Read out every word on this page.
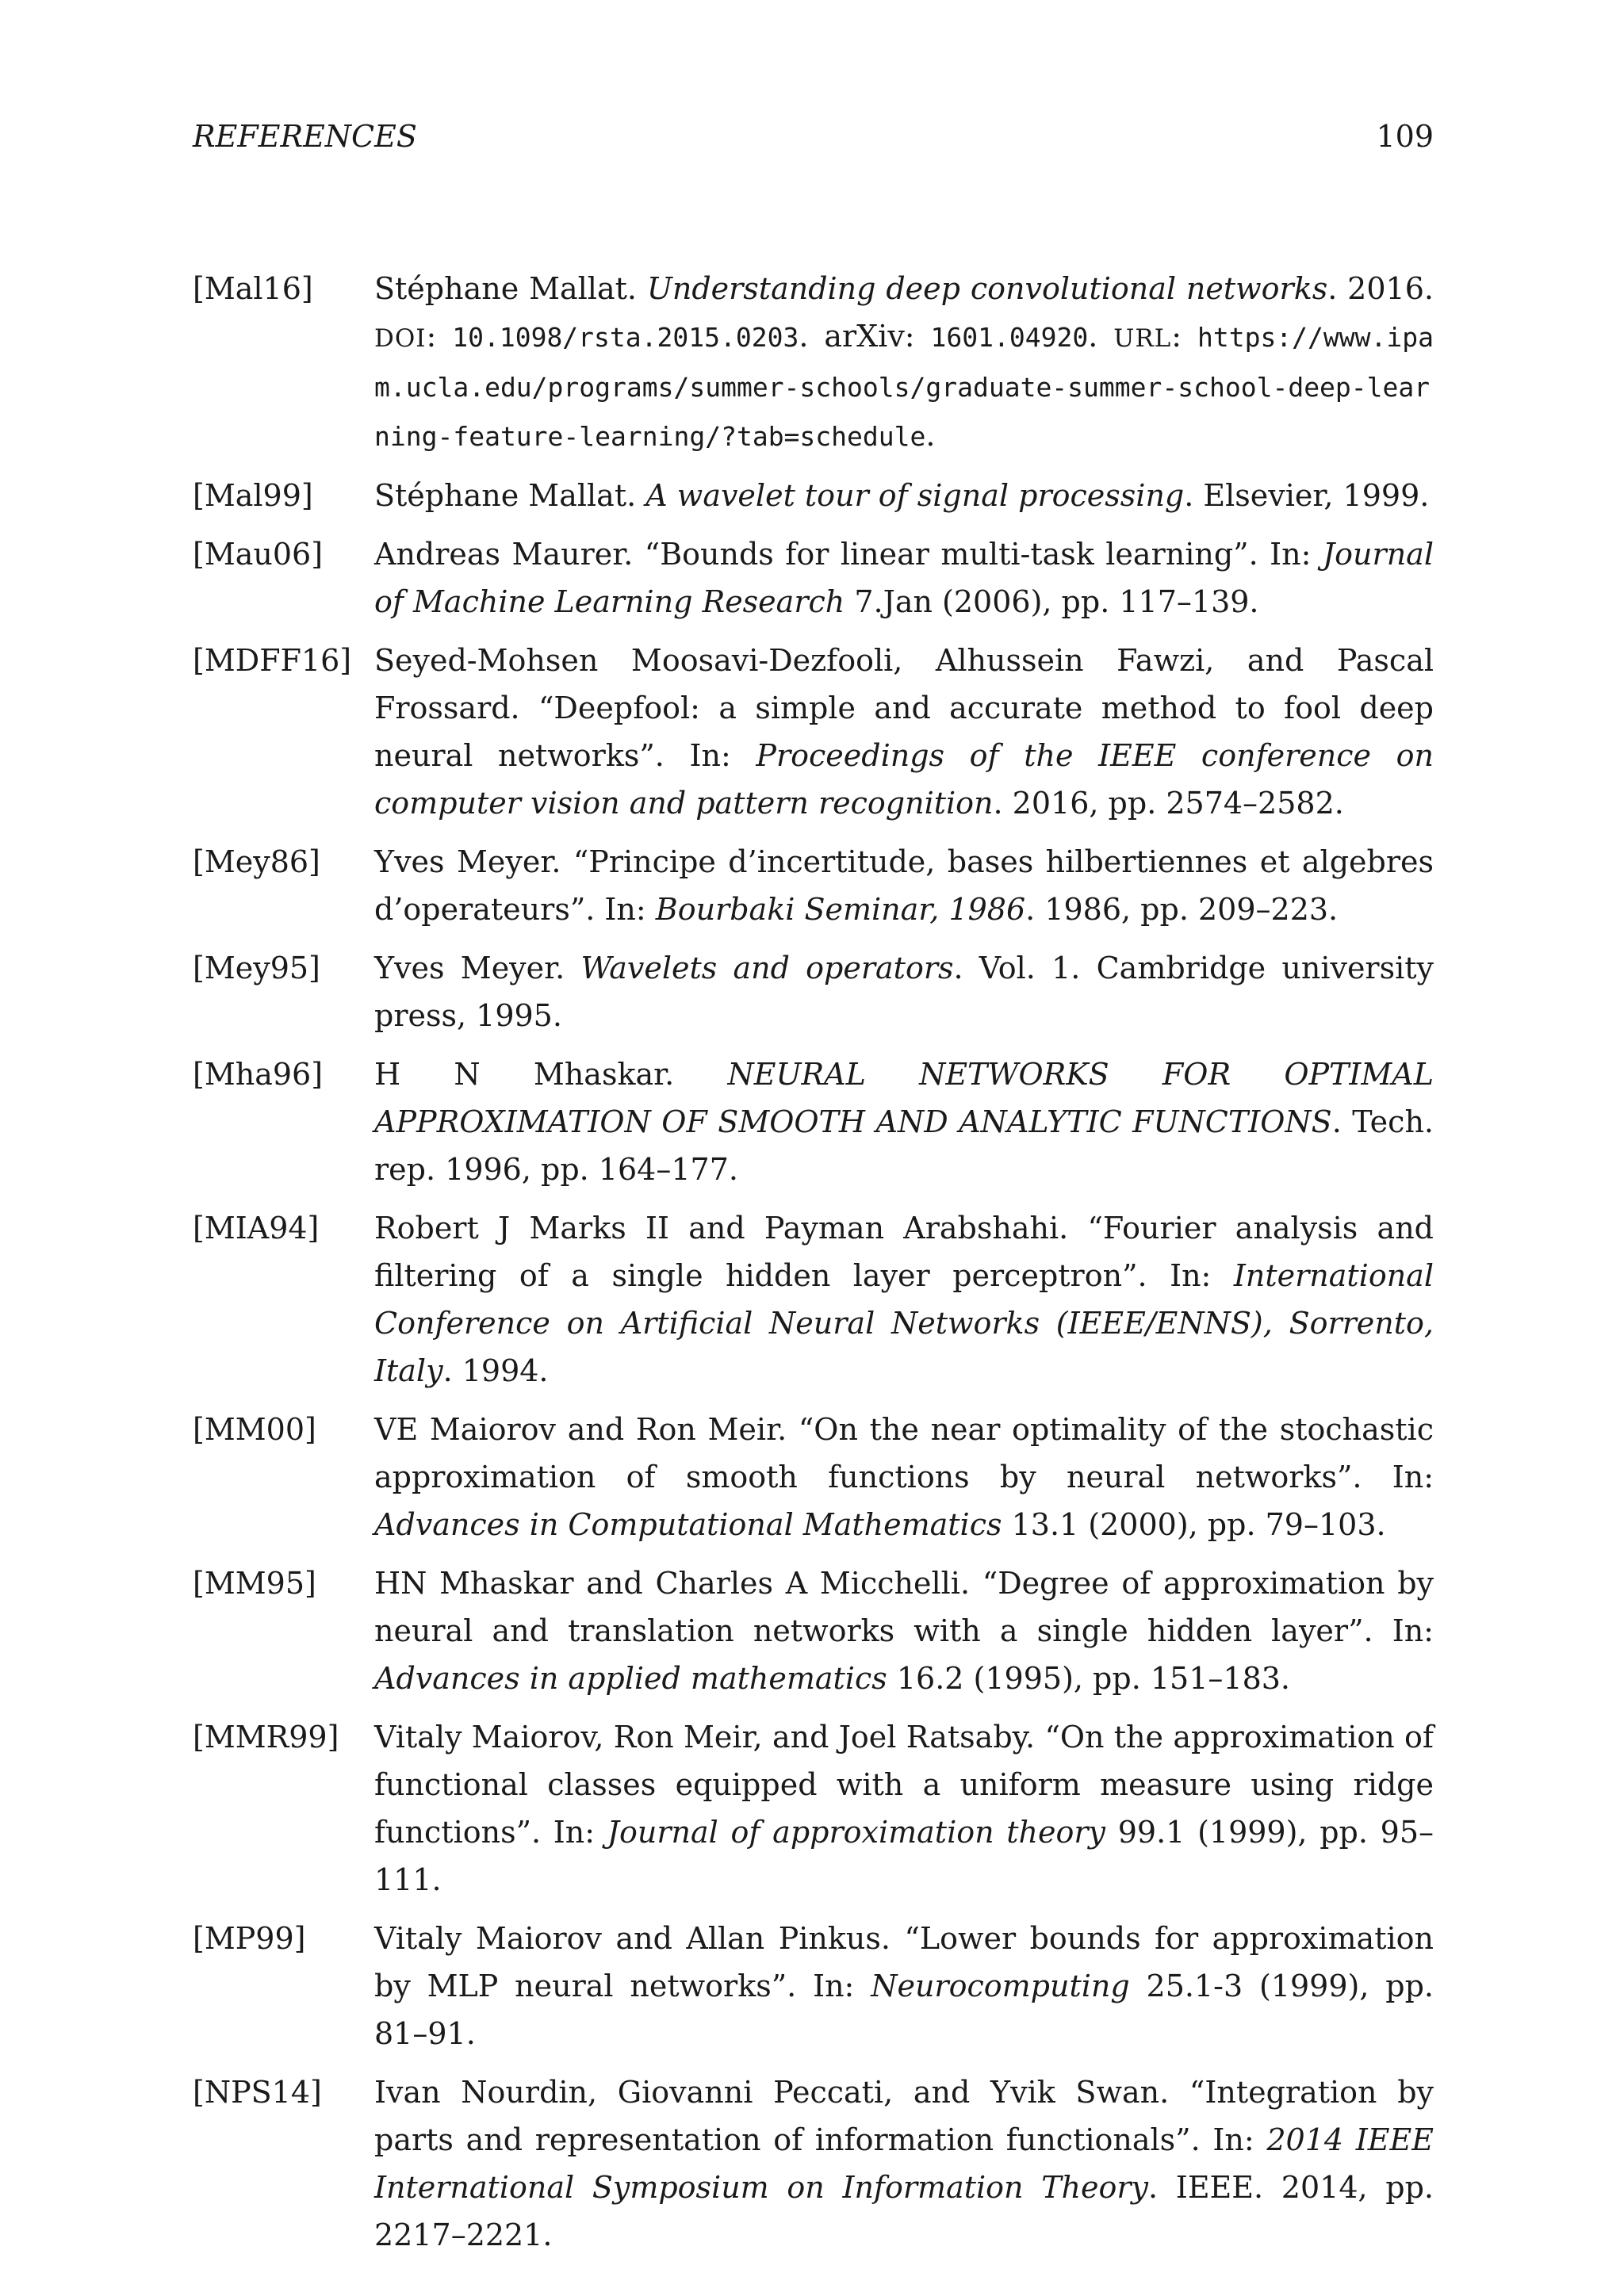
REFERENCES	109
[Mal16] Stéphane Mallat. Understanding deep convolutional networks. 2016. DOI: 10.1098/rsta.2015.0203. arXiv: 1601.04920. URL: https://www.ipam.ucla.edu/programs/summer-schools/graduate-summer-school-deep-learning-feature-learning/?tab=schedule.
[Mal99] Stéphane Mallat. A wavelet tour of signal processing. Elsevier, 1999.
[Mau06] Andreas Maurer. “Bounds for linear multi-task learning”. In: Journal of Machine Learning Research 7.Jan (2006), pp. 117–139.
[MDFF16] Seyed-Mohsen Moosavi-Dezfooli, Alhussein Fawzi, and Pascal Frossard. “Deepfool: a simple and accurate method to fool deep neural networks”. In: Proceedings of the IEEE conference on computer vision and pattern recognition. 2016, pp. 2574–2582.
[Mey86] Yves Meyer. “Principe d’incertitude, bases hilbertiennes et algebres d’operateurs”. In: Bourbaki Seminar, 1986. 1986, pp. 209–223.
[Mey95] Yves Meyer. Wavelets and operators. Vol. 1. Cambridge university press, 1995.
[Mha96] H N Mhaskar. NEURAL NETWORKS FOR OPTIMAL APPROXIMATION OF SMOOTH AND ANALYTIC FUNCTIONS. Tech. rep. 1996, pp. 164–177.
[MIA94] Robert J Marks II and Payman Arabshahi. “Fourier analysis and filtering of a single hidden layer perceptron”. In: International Conference on Artificial Neural Networks (IEEE/ENNS), Sorrento, Italy. 1994.
[MM00] VE Maiorov and Ron Meir. “On the near optimality of the stochastic approximation of smooth functions by neural networks”. In: Advances in Computational Mathematics 13.1 (2000), pp. 79–103.
[MM95] HN Mhaskar and Charles A Micchelli. “Degree of approximation by neural and translation networks with a single hidden layer”. In: Advances in applied mathematics 16.2 (1995), pp. 151–183.
[MMR99] Vitaly Maiorov, Ron Meir, and Joel Ratsaby. “On the approximation of functional classes equipped with a uniform measure using ridge functions”. In: Journal of approximation theory 99.1 (1999), pp. 95–111.
[MP99] Vitaly Maiorov and Allan Pinkus. “Lower bounds for approximation by MLP neural networks”. In: Neurocomputing 25.1-3 (1999), pp. 81–91.
[NPS14] Ivan Nourdin, Giovanni Peccati, and Yvik Swan. “Integration by parts and representation of information functionals”. In: 2014 IEEE International Symposium on Information Theory. IEEE. 2014, pp. 2217–2221.
